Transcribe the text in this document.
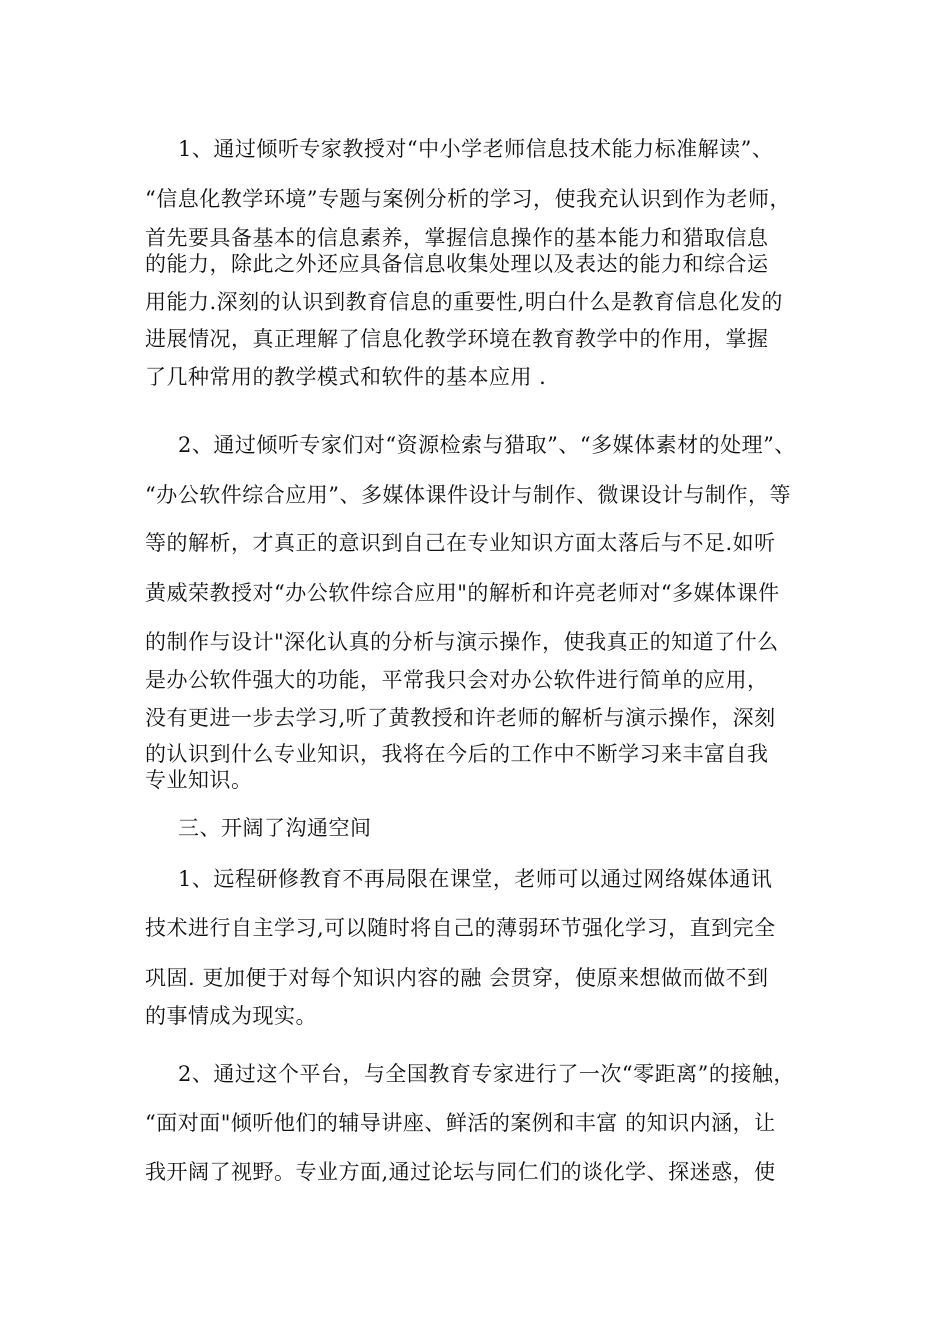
1、通过倾听专家教授对“中小学老师信息技术能力标准解读”、
“信息化教学环境”专题与案例分析的学习，使我充认识到作为老师，
首先要具备基本的信息素养，掌握信息操作的基本能力和猎取信息
的能力，除此之外还应具备信息收集处理以及表达的能力和综合运
用能力.深刻的认识到教育信息的重要性,明白什么是教育信息化发的
进展情况，真正理解了信息化教学环境在教育教学中的作用，掌握
了几种常用的教学模式和软件的基本应用 .
2、通过倾听专家们对“资源检索与猎取”、“多媒体素材的处理”、
“办公软件综合应用”、多媒体课件设计与制作、微课设计与制作，等
等的解析，才真正的意识到自己在专业知识方面太落后与不足.如听
黄威荣教授对“办公软件综合应用"的解析和许亮老师对“多媒体课件
的制作与设计"深化认真的分析与演示操作，使我真正的知道了什么
是办公软件强大的功能，平常我只会对办公软件进行简单的应用，
没有更进一步去学习,听了黄教授和许老师的解析与演示操作，深刻
的认识到什么专业知识，我将在今后的工作中不断学习来丰富自我
专业知识。
三、开阔了沟通空间
1、远程研修教育不再局限在课堂，老师可以通过网络媒体通讯
技术进行自主学习,可以随时将自己的薄弱环节强化学习，直到完全
巩固. 更加便于对每个知识内容的融 会贯穿，使原来想做而做不到
的事情成为现实。
2、通过这个平台，与全国教育专家进行了一次“零距离”的接触，
“面对面"倾听他们的辅导讲座、鲜活的案例和丰富 的知识内涵，让
我开阔了视野。专业方面,通过论坛与同仁们的谈化学、探迷惑，使
